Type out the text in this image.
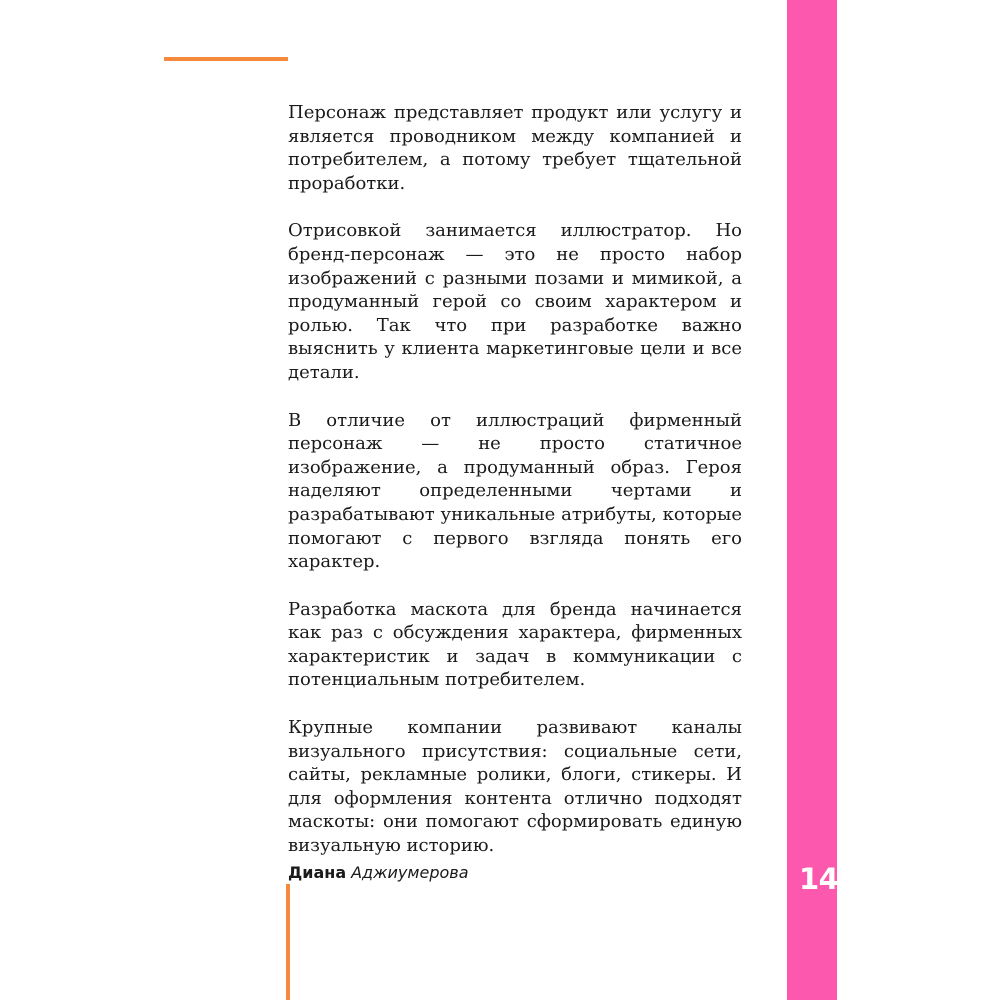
Персонаж представляет продукт или услугу и является проводником между компанией и потребителем, а потому требует тщательной проработки.

Отрисовкой занимается иллюстратор. Но бренд-персонаж — это не просто набор изображений с разными позами и мимикой, а продуманный герой со своим характером и ролью. Так что при разработке важно выяснить у клиента маркетинговые цели и все детали.

В отличие от иллюстраций фирменный персонаж — не просто статичное изображение, а продуманный образ. Героя наделяют определенными чертами и разрабатывают уникальные атрибуты, которые помогают с первого взгляда понять его характер.

Разработка маскота для бренда начинается как раз с обсуждения характера, фирменных характеристик и задач в коммуникации с потенциальным потребителем.

Крупные компании развивают каналы визуального присутствия: социальные сети, сайты, рекламные ролики, блоги, стикеры. И для оформления контента отлично подходят маскоты: они помогают сформировать единую визуальную историю.

Диана Аджиумерова	14
